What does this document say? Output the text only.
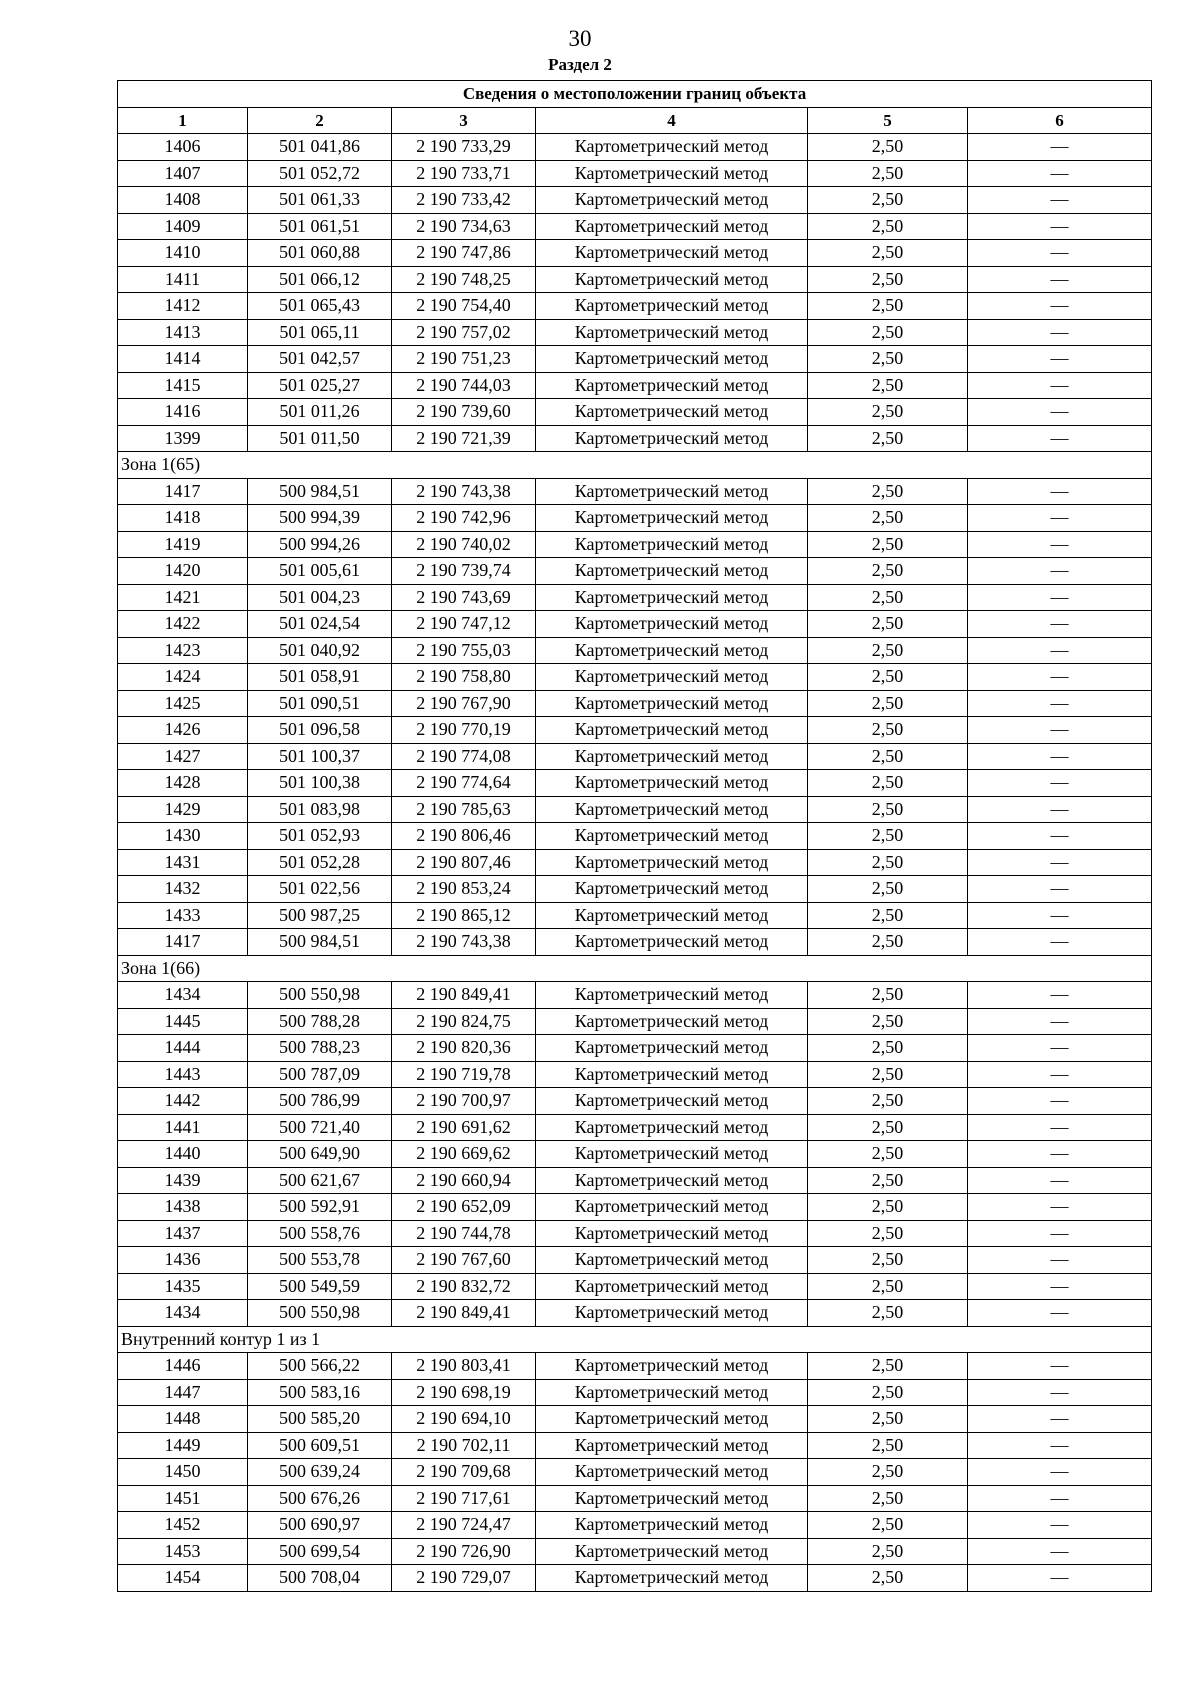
30
Раздел 2
Сведения о местоположении границ объекта					
1	2	3	4	5	6
1406	501 041,86	2 190 733,29	Картометрический метод	2,50	—
1407	501 052,72	2 190 733,71	Картометрический метод	2,50	—
1408	501 061,33	2 190 733,42	Картометрический метод	2,50	—
1409	501 061,51	2 190 734,63	Картометрический метод	2,50	—
1410	501 060,88	2 190 747,86	Картометрический метод	2,50	—
1411	501 066,12	2 190 748,25	Картометрический метод	2,50	—
1412	501 065,43	2 190 754,40	Картометрический метод	2,50	—
1413	501 065,11	2 190 757,02	Картометрический метод	2,50	—
1414	501 042,57	2 190 751,23	Картометрический метод	2,50	—
1415	501 025,27	2 190 744,03	Картометрический метод	2,50	—
1416	501 011,26	2 190 739,60	Картометрический метод	2,50	—
1399	501 011,50	2 190 721,39	Картометрический метод	2,50	—
Зона 1(65)					
1417	500 984,51	2 190 743,38	Картометрический метод	2,50	—
1418	500 994,39	2 190 742,96	Картометрический метод	2,50	—
1419	500 994,26	2 190 740,02	Картометрический метод	2,50	—
1420	501 005,61	2 190 739,74	Картометрический метод	2,50	—
1421	501 004,23	2 190 743,69	Картометрический метод	2,50	—
1422	501 024,54	2 190 747,12	Картометрический метод	2,50	—
1423	501 040,92	2 190 755,03	Картометрический метод	2,50	—
1424	501 058,91	2 190 758,80	Картометрический метод	2,50	—
1425	501 090,51	2 190 767,90	Картометрический метод	2,50	—
1426	501 096,58	2 190 770,19	Картометрический метод	2,50	—
1427	501 100,37	2 190 774,08	Картометрический метод	2,50	—
1428	501 100,38	2 190 774,64	Картометрический метод	2,50	—
1429	501 083,98	2 190 785,63	Картометрический метод	2,50	—
1430	501 052,93	2 190 806,46	Картометрический метод	2,50	—
1431	501 052,28	2 190 807,46	Картометрический метод	2,50	—
1432	501 022,56	2 190 853,24	Картометрический метод	2,50	—
1433	500 987,25	2 190 865,12	Картометрический метод	2,50	—
1417	500 984,51	2 190 743,38	Картометрический метод	2,50	—
Зона 1(66)					
1434	500 550,98	2 190 849,41	Картометрический метод	2,50	—
1445	500 788,28	2 190 824,75	Картометрический метод	2,50	—
1444	500 788,23	2 190 820,36	Картометрический метод	2,50	—
1443	500 787,09	2 190 719,78	Картометрический метод	2,50	—
1442	500 786,99	2 190 700,97	Картометрический метод	2,50	—
1441	500 721,40	2 190 691,62	Картометрический метод	2,50	—
1440	500 649,90	2 190 669,62	Картометрический метод	2,50	—
1439	500 621,67	2 190 660,94	Картометрический метод	2,50	—
1438	500 592,91	2 190 652,09	Картометрический метод	2,50	—
1437	500 558,76	2 190 744,78	Картометрический метод	2,50	—
1436	500 553,78	2 190 767,60	Картометрический метод	2,50	—
1435	500 549,59	2 190 832,72	Картометрический метод	2,50	—
1434	500 550,98	2 190 849,41	Картометрический метод	2,50	—
Внутренний контур 1 из 1					
1446	500 566,22	2 190 803,41	Картометрический метод	2,50	—
1447	500 583,16	2 190 698,19	Картометрический метод	2,50	—
1448	500 585,20	2 190 694,10	Картометрический метод	2,50	—
1449	500 609,51	2 190 702,11	Картометрический метод	2,50	—
1450	500 639,24	2 190 709,68	Картометрический метод	2,50	—
1451	500 676,26	2 190 717,61	Картометрический метод	2,50	—
1452	500 690,97	2 190 724,47	Картометрический метод	2,50	—
1453	500 699,54	2 190 726,90	Картометрический метод	2,50	—
1454	500 708,04	2 190 729,07	Картометрический метод	2,50	—
